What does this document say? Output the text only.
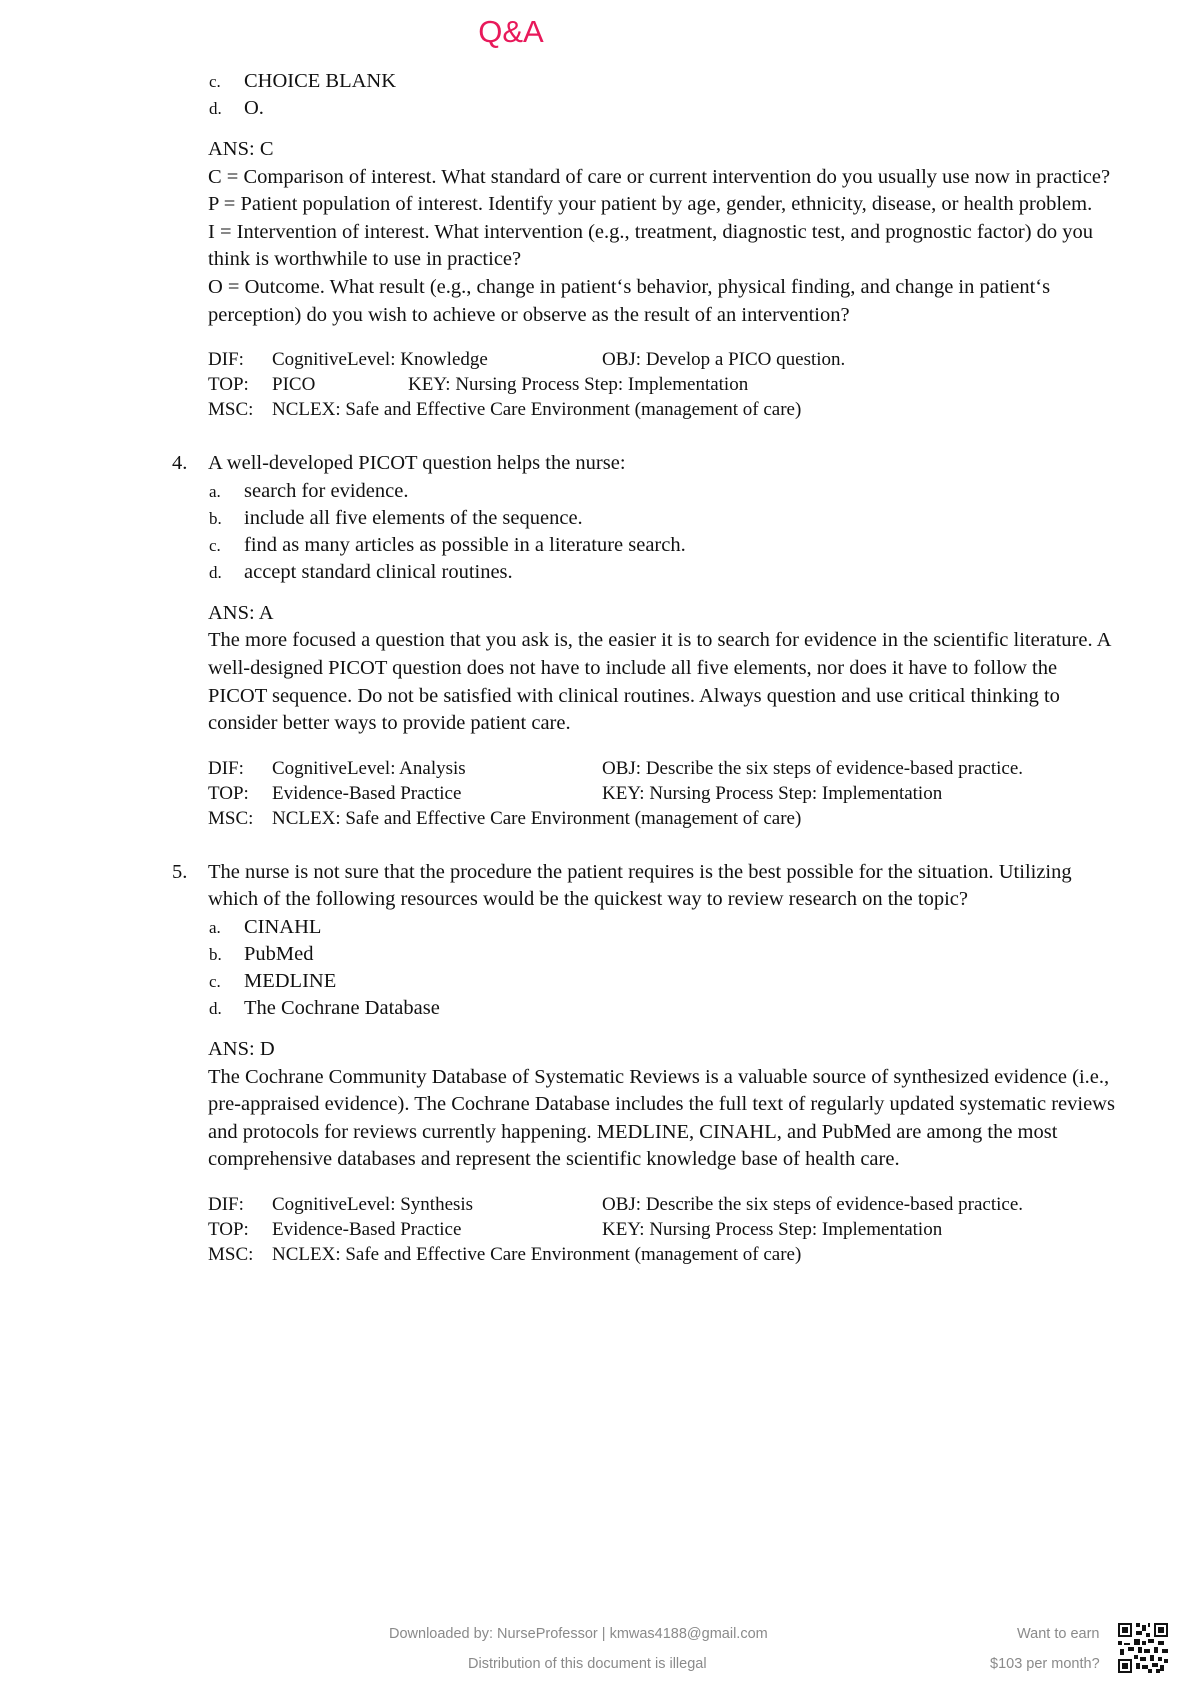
Q&A
c. CHOICE BLANK
d. O.
ANS: C

C = Comparison of interest. What standard of care or current intervention do you usually use now in practice?

P = Patient population of interest. Identify your patient by age, gender, ethnicity, disease, or health problem.

I = Intervention of interest. What intervention (e.g., treatment, diagnostic test, and prognostic factor) do you think is worthwhile to use in practice?

O = Outcome. What result (e.g., change in patient‘s behavior, physical finding, and change in patient‘s perception) do you wish to achieve or observe as the result of an intervention?

DIF: CognitiveLevel: Knowledge	OBJ: Develop a PICO question.
TOP: PICO	KEY: Nursing Process Step: Implementation
MSC: NCLEX: Safe and Effective Care Environment (management of care)
4. A well-developed PICOT question helps the nurse:
a. search for evidence.
b. include all five elements of the sequence.
c. find as many articles as possible in a literature search.
d. accept standard clinical routines.
ANS: A
The more focused a question that you ask is, the easier it is to search for evidence in the scientific literature. A well-designed PICOT question does not have to include all five elements, nor does it have to follow the PICOT sequence. Do not be satisfied with clinical routines. Always question and use critical thinking to consider better ways to provide patient care.
DIF: CognitiveLevel: Analysis	OBJ: Describe the six steps of evidence-based practice.
TOP: Evidence-Based Practice	KEY: Nursing Process Step: Implementation
MSC: NCLEX: Safe and Effective Care Environment (management of care)
5. The nurse is not sure that the procedure the patient requires is the best possible for the situation. Utilizing which of the following resources would be the quickest way to review research on the topic?
a. CINAHL
b. PubMed
c. MEDLINE
d. The Cochrane Database
ANS: D
The Cochrane Community Database of Systematic Reviews is a valuable source of synthesized evidence (i.e., pre-appraised evidence). The Cochrane Database includes the full text of regularly updated systematic reviews and protocols for reviews currently happening. MEDLINE, CINAHL, and PubMed are among the most comprehensive databases and represent the scientific knowledge base of health care.
DIF: CognitiveLevel: Synthesis	OBJ: Describe the six steps of evidence-based practice.
TOP: Evidence-Based Practice	KEY: Nursing Process Step: Implementation
MSC: NCLEX: Safe and Effective Care Environment (management of care)
Downloaded by: NurseProfessor | kmwas4188@gmail.com
Distribution of this document is illegal
Want to earn
$103 per month?
